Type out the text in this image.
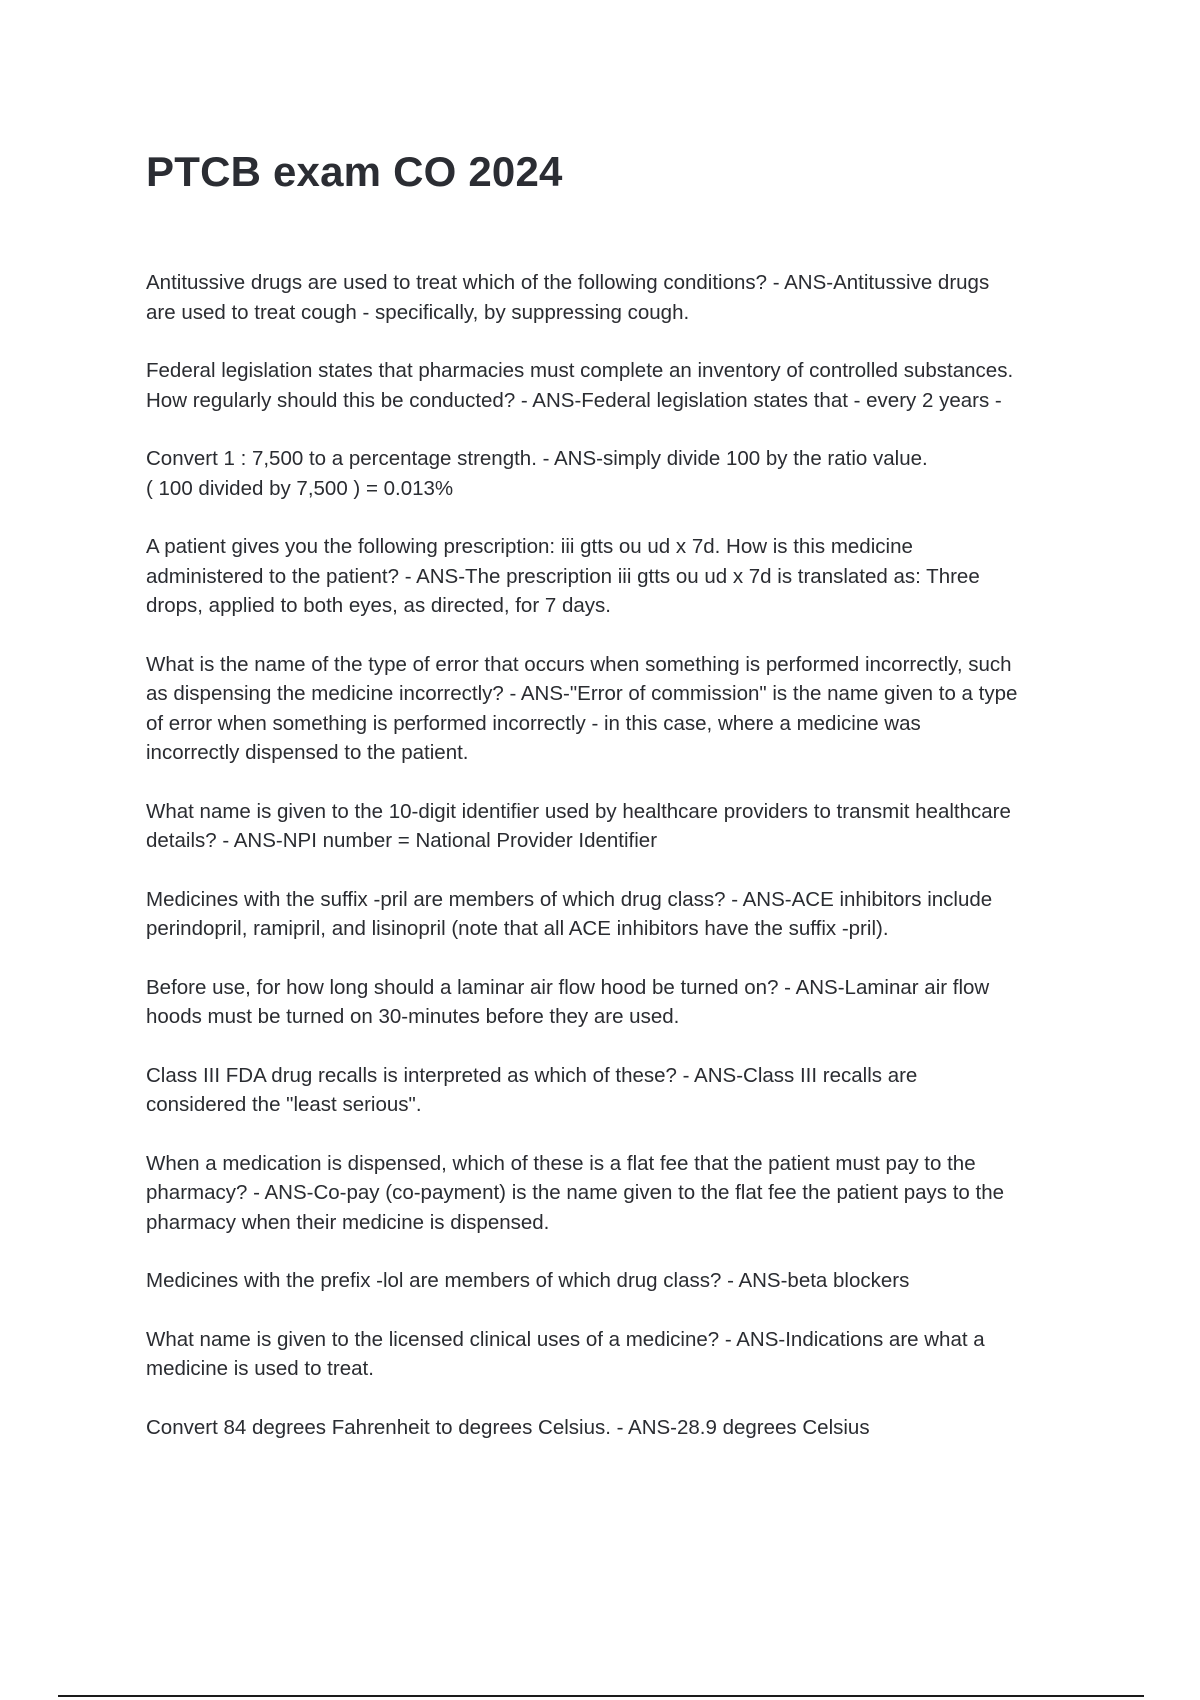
PTCB exam CO 2024

Antitussive drugs are used to treat which of the following conditions? - ANS-Antitussive drugs

are used to treat cough - specifically, by suppressing cough.

Federal legislation states that pharmacies must complete an inventory of controlled substances.

How regularly should this be conducted? - ANS-Federal legislation states that - every 2 years -

Convert 1 : 7,500 to a percentage strength. - ANS-simply divide 100 by the ratio value.

( 100 divided by 7,500 ) = 0.013%

A patient gives you the following prescription: iii gtts ou ud x 7d. How is this medicine

administered to the patient? - ANS-The prescription iii gtts ou ud x 7d is translated as: Three

drops, applied to both eyes, as directed, for 7 days.

What is the name of the type of error that occurs when something is performed incorrectly, such

as dispensing the medicine incorrectly? - ANS-"Error of commission" is the name given to a type

of error when something is performed incorrectly - in this case, where a medicine was

incorrectly dispensed to the patient.

What name is given to the 10-digit identifier used by healthcare providers to transmit healthcare

details? - ANS-NPI number = National Provider Identifier

Medicines with the suffix -pril are members of which drug class? - ANS-ACE inhibitors include

perindopril, ramipril, and lisinopril (note that all ACE inhibitors have the suffix -pril).

Before use, for how long should a laminar air flow hood be turned on? - ANS-Laminar air flow

hoods must be turned on 30-minutes before they are used.

Class III FDA drug recalls is interpreted as which of these? - ANS-Class III recalls are

considered the "least serious".

When a medication is dispensed, which of these is a flat fee that the patient must pay to the

pharmacy? - ANS-Co-pay (co-payment) is the name given to the flat fee the patient pays to the

pharmacy when their medicine is dispensed.

Medicines with the prefix -lol are members of which drug class? - ANS-beta blockers

What name is given to the licensed clinical uses of a medicine? - ANS-Indications are what a

medicine is used to treat.

Convert 84 degrees Fahrenheit to degrees Celsius. - ANS-28.9 degrees Celsius
